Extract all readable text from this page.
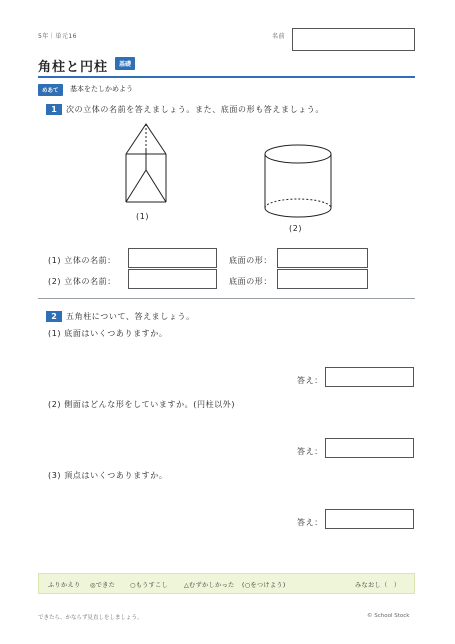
5年｜単元16	名前
角柱と円柱	基礎
めあて	基本をたしかめよう
1	次の立体の名前を答えましょう。また、底面の形も答えましょう。
(1)
(2)
(1) 立体の名前：	底面の形：
(2) 立体の名前：	底面の形：
2	五角柱について、答えましょう。
(1) 底面はいくつありますか。
答え：
(2) 側面はどんな形をしていますか。(円柱以外)
答え：
(3) 頂点はいくつありますか。
答え：
ふりかえり ◎できた ○もうすこし	△むずかしかった (○をつけよう)	みなおし（　）
できたら、かならず見直しをしましょう。	© School Stock
